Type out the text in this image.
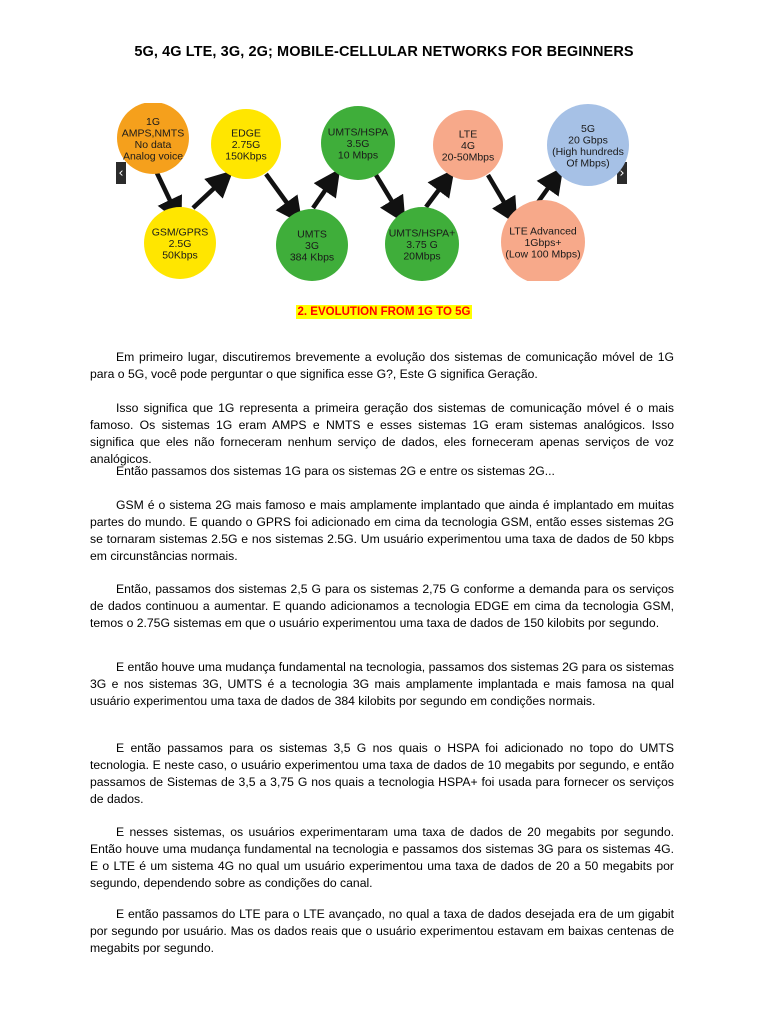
5G, 4G LTE, 3G, 2G; MOBILE-CELLULAR NETWORKS FOR BEGINNERS
‹	›
1G
AMPS,NMTS
No data
Analog voice
GSM/GPRS
2.5G
50Kbps
EDGE
2.75G
150Kbps
UMTS
3G
384 Kbps
UMTS/HSPA
3.5G
10 Mbps
UMTS/HSPA+
3.75 G
20Mbps
LTE
4G
20-50Mbps
LTE Advanced
1Gbps+
(Low 100 Mbps)
5G
20 Gbps
(High hundreds
Of Mbps)
2. EVOLUTION FROM 1G TO 5G
Em primeiro lugar, discutiremos brevemente a evolução dos sistemas de comunicação móvel de 1G para o 5G, você pode perguntar o que significa esse G?, Este G significa Geração.
Isso significa que 1G representa a primeira geração dos sistemas de comunicação móvel é o mais famoso. Os sistemas 1G eram AMPS e NMTS e esses sistemas 1G eram sistemas analógicos. Isso significa que eles não forneceram nenhum serviço de dados, eles forneceram apenas serviços de voz analógicos.
Então passamos dos sistemas 1G para os sistemas 2G e entre os sistemas 2G...
GSM é o sistema 2G mais famoso e mais amplamente implantado que ainda é implantado em muitas partes do mundo. E quando o GPRS foi adicionado em cima da tecnologia GSM, então esses sistemas 2G se tornaram sistemas 2.5G e nos sistemas 2.5G. Um usuário experimentou uma taxa de dados de 50 kbps em circunstâncias normais.
Então, passamos dos sistemas 2,5 G para os sistemas 2,75 G conforme a demanda para os serviços de dados continuou a aumentar. E quando adicionamos a tecnologia EDGE em cima da tecnologia GSM, temos o 2.75G sistemas em que o usuário experimentou uma taxa de dados de 150 kilobits por segundo.
E então houve uma mudança fundamental na tecnologia, passamos dos sistemas 2G para os sistemas 3G e nos sistemas 3G, UMTS é a tecnologia 3G mais amplamente implantada e mais famosa na qual usuário experimentou uma taxa de dados de 384 kilobits por segundo em condições normais.
E então passamos para os sistemas 3,5 G nos quais o HSPA foi adicionado no topo do UMTS tecnologia. E neste caso, o usuário experimentou uma taxa de dados de 10 megabits por segundo, e então passamos de Sistemas de 3,5 a 3,75 G nos quais a tecnologia HSPA+ foi usada para fornecer os serviços de dados.
E nesses sistemas, os usuários experimentaram uma taxa de dados de 20 megabits por segundo. Então houve uma mudança fundamental na tecnologia e passamos dos sistemas 3G para os sistemas 4G. E o LTE é um sistema 4G no qual um usuário experimentou uma taxa de dados de 20 a 50 megabits por segundo, dependendo sobre as condições do canal.
E então passamos do LTE para o LTE avançado, no qual a taxa de dados desejada era de um gigabit por segundo por usuário. Mas os dados reais que o usuário experimentou estavam em baixas centenas de megabits por segundo.
